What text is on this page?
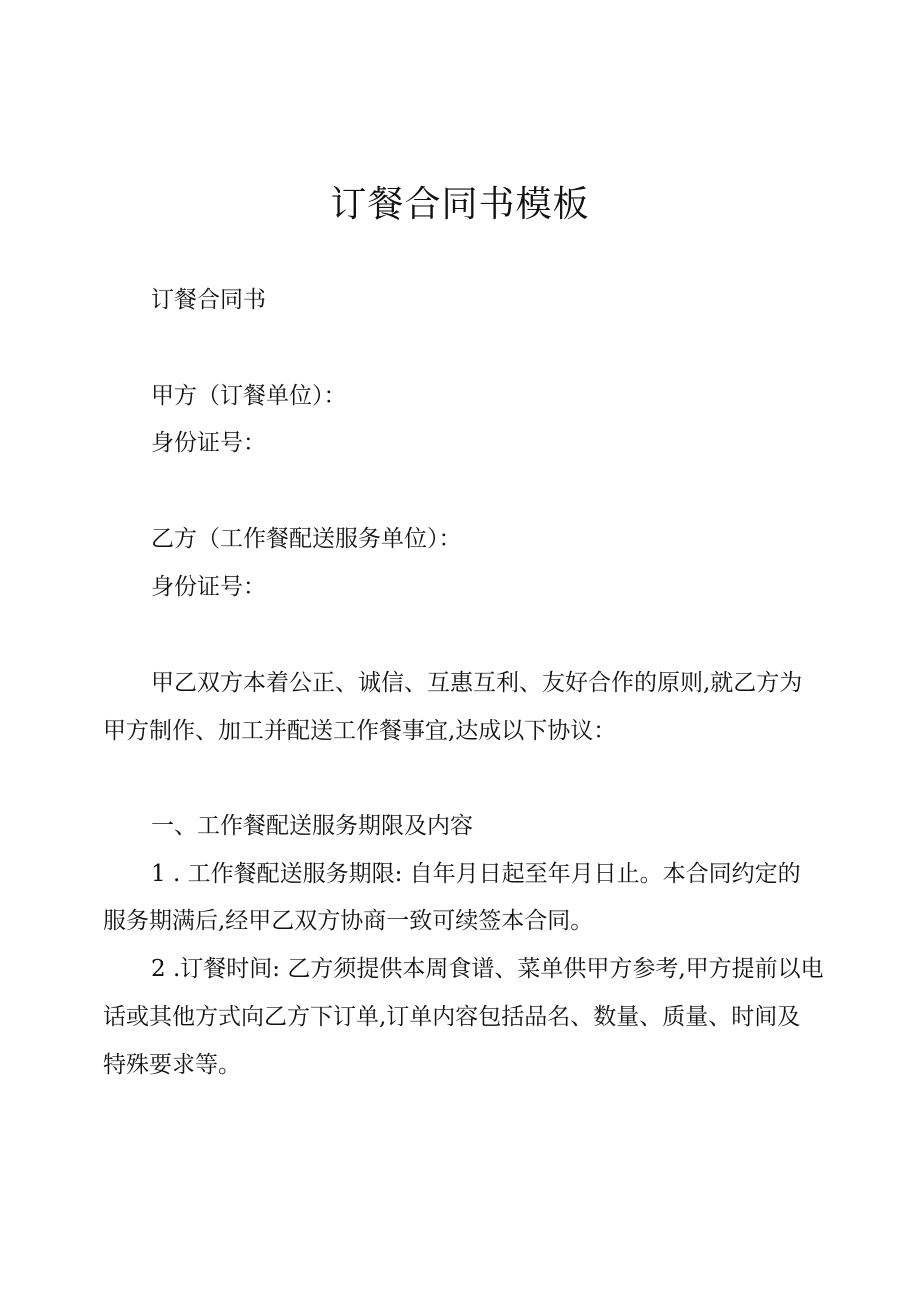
订餐合同书模板
订餐合同书
甲方（订餐单位）：
身份证号：
乙方（工作餐配送服务单位）：
身份证号：
甲乙双方本着公正、诚信、互惠互利、友好合作的原则,就乙方为
甲方制作、加工并配送工作餐事宜,达成以下协议：
一、工作餐配送服务期限及内容
1 . 工作餐配送服务期限: 自年月日起至年月日止。本合同约定的
服务期满后,经甲乙双方协商一致可续签本合同。
2 .订餐时间: 乙方须提供本周食谱、菜单供甲方参考,甲方提前以电
话或其他方式向乙方下订单,订单内容包括品名、数量、质量、时间及
特殊要求等。
